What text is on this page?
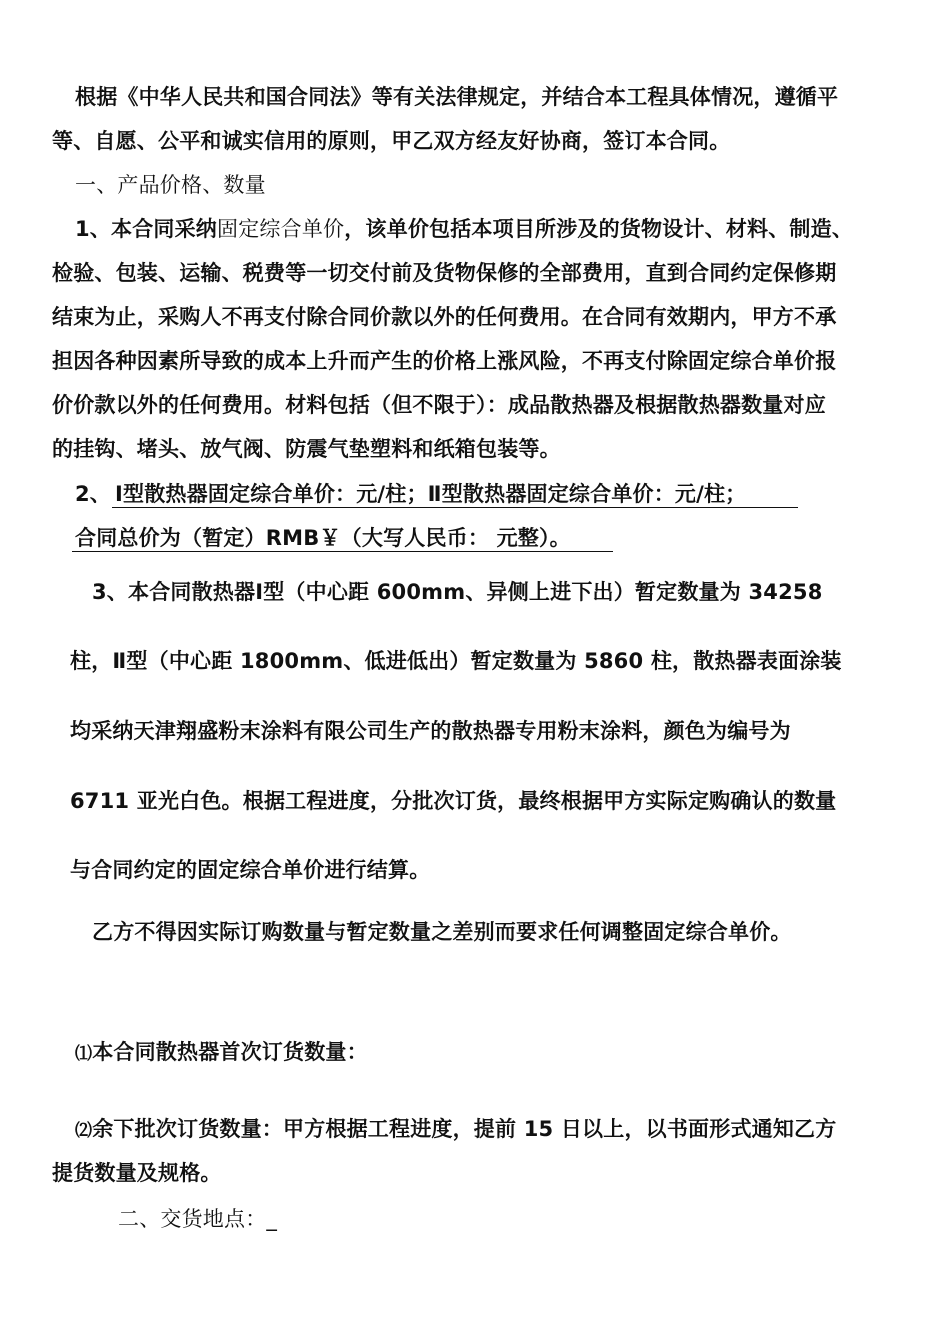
根据《中华人民共和国合同法》等有关法律规定，并结合本工程具体情况，遵循平
等、自愿、公平和诚实信用的原则，甲乙双方经友好协商，签订本合同。
一、产品价格、数量
1、本合同采纳固定综合单价，该单价包括本项目所涉及的货物设计、材料、制造、
检验、包装、运输、税费等一切交付前及货物保修的全部费用，直到合同约定保修期
结束为止，采购人不再支付除合同价款以外的任何费用。在合同有效期内，甲方不承
担因各种因素所导致的成本上升而产生的价格上涨风险，不再支付除固定综合单价报
价价款以外的任何费用。材料包括（但不限于）：成品散热器及根据散热器数量对应
的挂钩、堵头、放气阀、防震气垫塑料和纸箱包装等。
2、 Ⅰ型散热器固定综合单价：元/柱；Ⅱ型散热器固定综合单价：元/柱；
合同总价为（暂定）RMB￥（大写人民币： 元整）。
3、本合同散热器Ⅰ型（中心距 600mm、异侧上进下出）暂定数量为 34258
柱，Ⅱ型（中心距 1800mm、低进低出）暂定数量为 5860 柱，散热器表面涂装
均采纳天津翔盛粉末涂料有限公司生产的散热器专用粉末涂料，颜色为编号为
6711 亚光白色。根据工程进度，分批次订货，最终根据甲方实际定购确认的数量
与合同约定的固定综合单价进行结算。
乙方不得因实际订购数量与暂定数量之差别而要求任何调整固定综合单价。
⑴本合同散热器首次订货数量：
⑵余下批次订货数量：甲方根据工程进度，提前 15 日以上，以书面形式通知乙方
提货数量及规格。
二、交货地点：_
